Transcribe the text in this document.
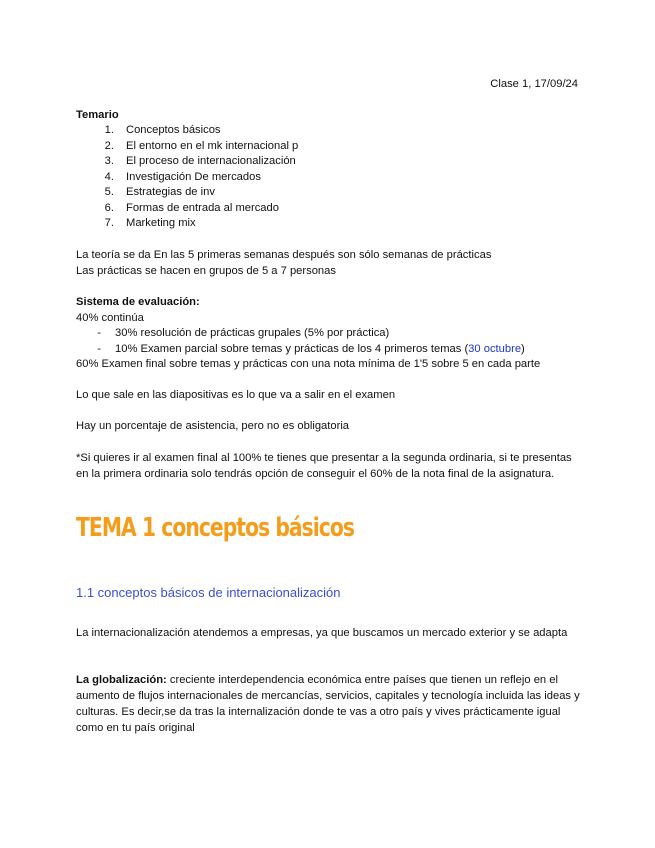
Clase 1, 17/09/24
Temario
1.	Conceptos básicos
2.	El entorno en el mk internacional p
3.	El proceso de internacionalización
4.	Investigación De mercados
5.	Estrategias de inv
6.	Formas de entrada al mercado
7.	Marketing mix
La teoría se da En las 5 primeras semanas después son sólo semanas de prácticas
Las prácticas se hacen en grupos de 5 a 7 personas
Sistema de evaluación:
40% continúa
-	30% resolución de prácticas grupales (5% por práctica)
-	10% Examen parcial sobre temas y prácticas de los 4 primeros temas ( 30 octubre )
60% Examen final sobre temas y prácticas con una nota mínima de 1'5 sobre 5 en cada parte
Lo que sale en las diapositivas es lo que va a salir en el examen
Hay un porcentaje de asistencia, pero no es obligatoria
*Si quieres ir al examen final al 100% te tienes que presentar a la segunda ordinaria, si te presentas en la primera ordinaria solo tendrás opción de conseguir el 60% de la nota final de la asignatura.
TEMA 1 conceptos básicos
1.1 conceptos básicos de internacionalización
La internacionalización atendemos a empresas, ya que buscamos un mercado exterior y se adapta
La globalización: creciente interdependencia económica entre países que tienen un reflejo en el aumento de flujos internacionales de mercancías, servicios, capitales y tecnología incluida las ideas y culturas. Es decir,se da tras la internalización donde te vas a otro país y vives prácticamente igual como en tu país original
